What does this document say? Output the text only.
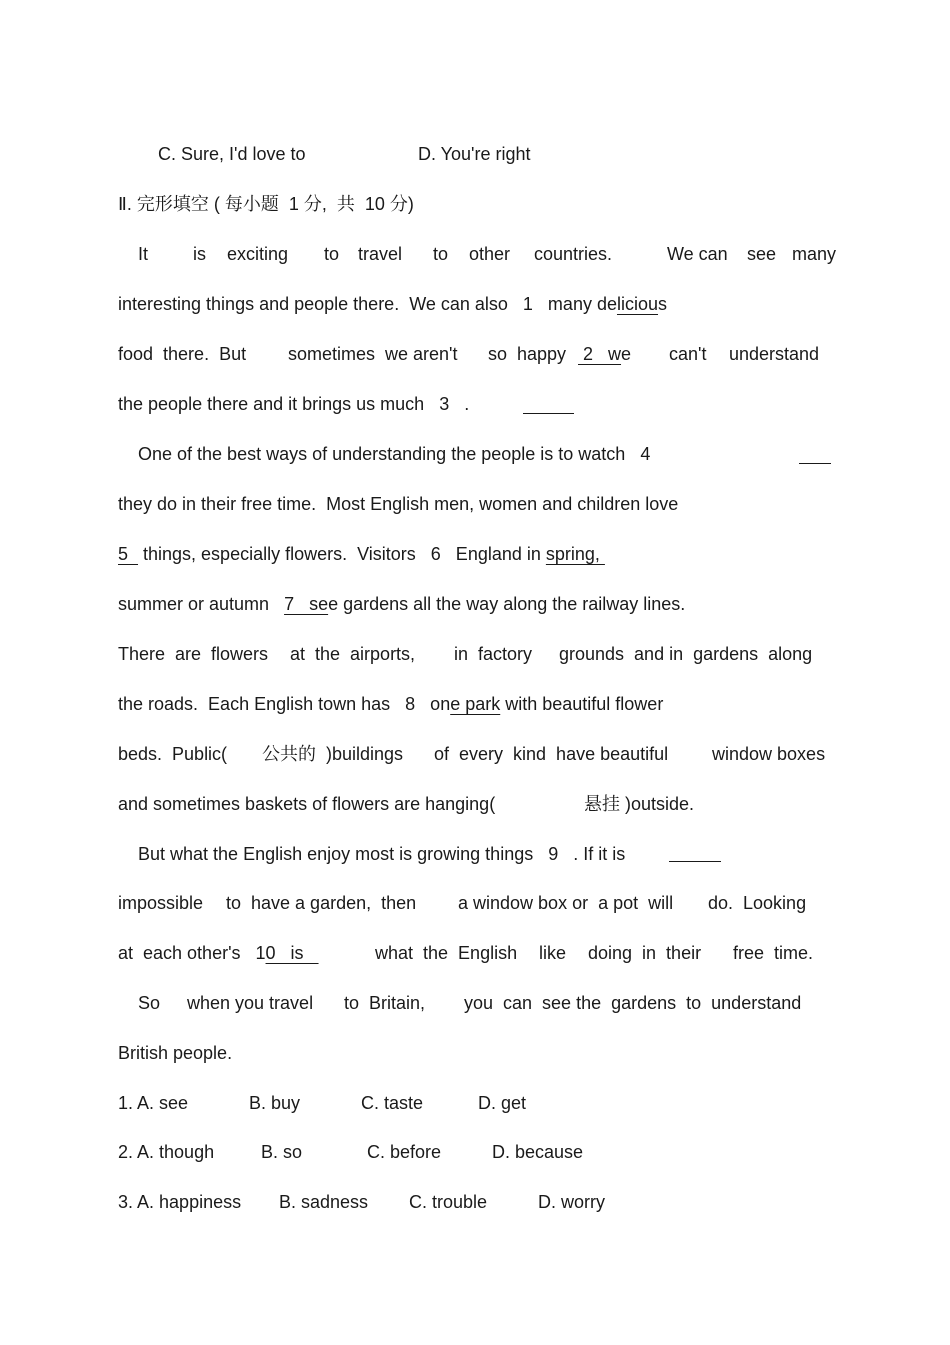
C. Sure, I'd love to	D. You're right
Ⅱ. 完形填空 ( 每小题  1 分,  共  10 分)
It is exciting to travel to other countries.	We can see many
interesting things and people there.  We can also   1   many delicious
food  there.  But sometimes  we aren't so  happy 2   we can't understand
the people there and it brings us much   3   .
One of the best ways of understanding the people is to watch   4
they do in their free time.  Most English men, women and children love
5   things, especially flowers.  Visitors   6   England in spring,
summer or autumn   7   see gardens all the way along the railway lines.
There  are  flowers at  the  airports, in  factory grounds  and in  gardens  along
the roads.  Each English town has   8   one park with beautiful flower
beds.  Public( 公共的  )buildings of  every  kind  have beautiful window boxes
and sometimes baskets of flowers are hanging(	悬挂 )outside.
But what the English enjoy most is growing things   9   . If it is
impossible to  have a garden,  then a window box or  a pot  will do.  Looking
at  each other's   10   is	what  the  English like doing  in  their free  time.
So when you travel to  Britain, you  can  see the  gardens  to  understand
British people.
1. A. see	B. buy	C. taste	D. get
2. A. though	B. so	C. before	D. because
3. A. happiness B. sadness C. trouble	D. worry
